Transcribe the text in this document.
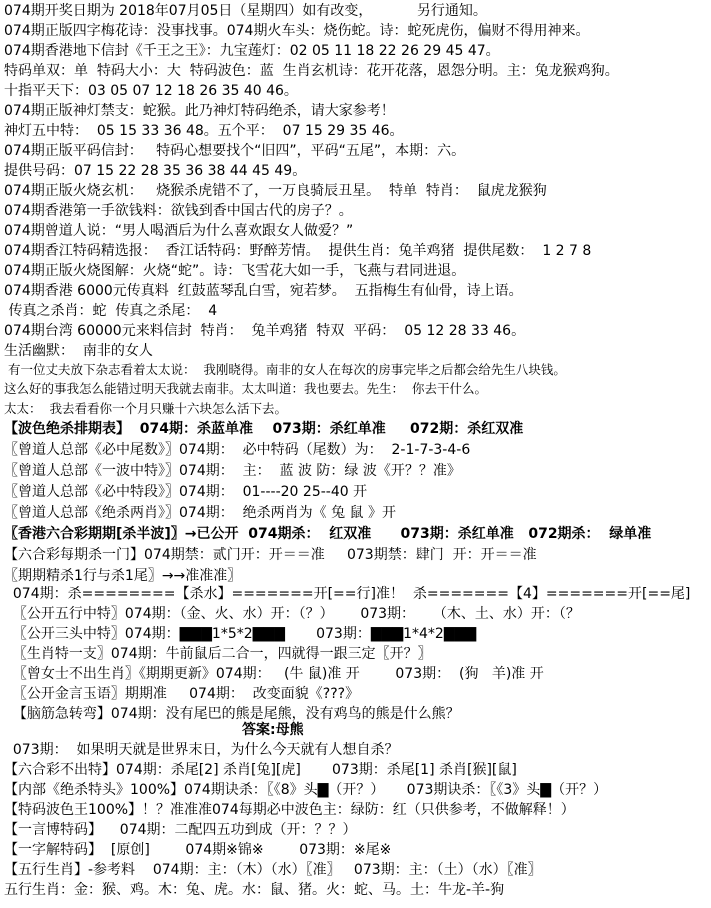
074期开奖日期为 2018年07月05日（星期四）如有改变，          另行通知。
074期正版四字梅花诗：没事找事。074期火车头：烧伤蛇。诗：蛇死虎伤，偏财不得用神来。
074期香港地下信封《千王之王》：九宝莲灯：02 05 11 18 22 26 29 45 47。
特码单双：单  特码大小：大  特码波色：蓝  生肖玄机诗：花开花落，恩怨分明。主：兔龙猴鸡狗。
十指平天下：03 05 07 12 18 26 35 40 46。
074期正版神灯禁支：蛇猴。此乃神灯特码绝杀，请大家参考！
神灯五中特：  05 15 33 36 48。五个平：  07 15 29 35 46。
074期正版平码信封：   特码心想要找个“旧四”，平码“五尾”，本期：六。
提供号码：07 15 22 28 35 36 38 44 45 49。
074期正版火烧玄机：   烧猴杀虎错不了，一万良骑辰丑星。  特单  特肖：  鼠虎龙猴狗
074期香港第一手欲钱料：欲钱到香中国古代的房子？。
074期曾道人说：“男人喝酒后为什么喜欢跟女人做爱？”
074期香江特码精选报：  香江话特码：野醉芳情。  提供生肖：兔羊鸡猪  提供尾数：  1 2 7 8
074期正版火烧图解：火烧“蛇”。诗：飞雪花大如一手，飞燕与君同进退。
074期香港 6000元传真料  红鼓蓝琴乱白雪，宛若梦。  五指梅生有仙骨，诗上语。
传真之杀肖：蛇  传真之杀尾：  4
074期台湾 60000元来料信封  特肖：  兔羊鸡猪  特双  平码：  05 12 28 33 46。
生活幽默：  南非的女人
有一位丈夫放下杂志看着太太说：  我刚晓得。南非的女人在每次的房事完毕之后都会给先生八块钱。
这么好的事我怎么能错过明天我就去南非。太太叫道：我也要去。先生：  你去干什么。
太太：  我去看看你一个月只赚十六块怎么活下去。
【波色绝杀排期表】  074期：杀蓝单准    073期：杀红单准     072期：杀红双准
〖曾道人总部《必中尾数》〗074期：  必中特码（尾数）为：  2-1-7-3-4-6
〖曾道人总部《一波中特》〗074期：  主：  蓝 波 防：绿 波《开？？准》
〖曾道人总部《必中特段》〗074期：  01----20 25--40 开
〖曾道人总部《绝杀两肖》〗074期：  绝杀两肖为《 兔 鼠 》开
〖香港六合彩期期[杀半波]〗→已公开  074期杀：  红双准      073期：杀红单准   072期杀：  绿单准
【六合彩每期杀一门】074期禁：贰门开：开＝＝准     073期禁：肆门  开：开＝＝准
〖期期精杀1行与杀1尾〗→→准准准〗
074期：杀========【杀水】=======开[==行]准！  杀=======【4】=======开[==尾]
〖公开五行中特〗074期：（金、火、水）开：（？）      073期：    （木、土、水）开：（？
〖公开三头中特〗074期：▇▇▇1*5*2▇▇▇       073期：▇▇▇1*4*2▇▇▇
〖生肖特一支〗074期：牛前鼠后二合一，四就得一跟三定〖开？〗
〖曾女士不出生肖〗《期期更新》074期：   (牛 鼠)准 开        073期：  (狗   羊)准 开
〖公开金言玉语〗期期准     074期：  改变面貌《???》
【脑筋急转弯】074期：没有尾巴的熊是尾熊，没有鸡鸟的熊是什么熊？
答案:母熊
073期：  如果明天就是世界末日，为什么今天就有人想自杀？
【六合彩不出特】074期：杀尾[2] 杀肖[兔][虎]       073期：杀尾[1] 杀肖[猴][鼠]
【内部《绝杀特头》100%】074期诀杀：〖《8》头▇（开？）     073期诀杀：〖《3》头▇（开？）
【特码波色王100%】！？准准准074每期必中波色主：绿防：红（只供参考，不做解释！）
【一言博特码】    074期：二配四五功到成（开：？？）
【一字解特码】  [原创]        074期※锦※        073期：※尾※
【五行生肖】-参考料    074期：主：（木）（水）〖准〗   073期：主：（土）（水）〖准〗
五行生肖：金：猴、鸡。木：兔、虎。水：鼠、猪。火：蛇、马。土：牛龙-羊-狗
